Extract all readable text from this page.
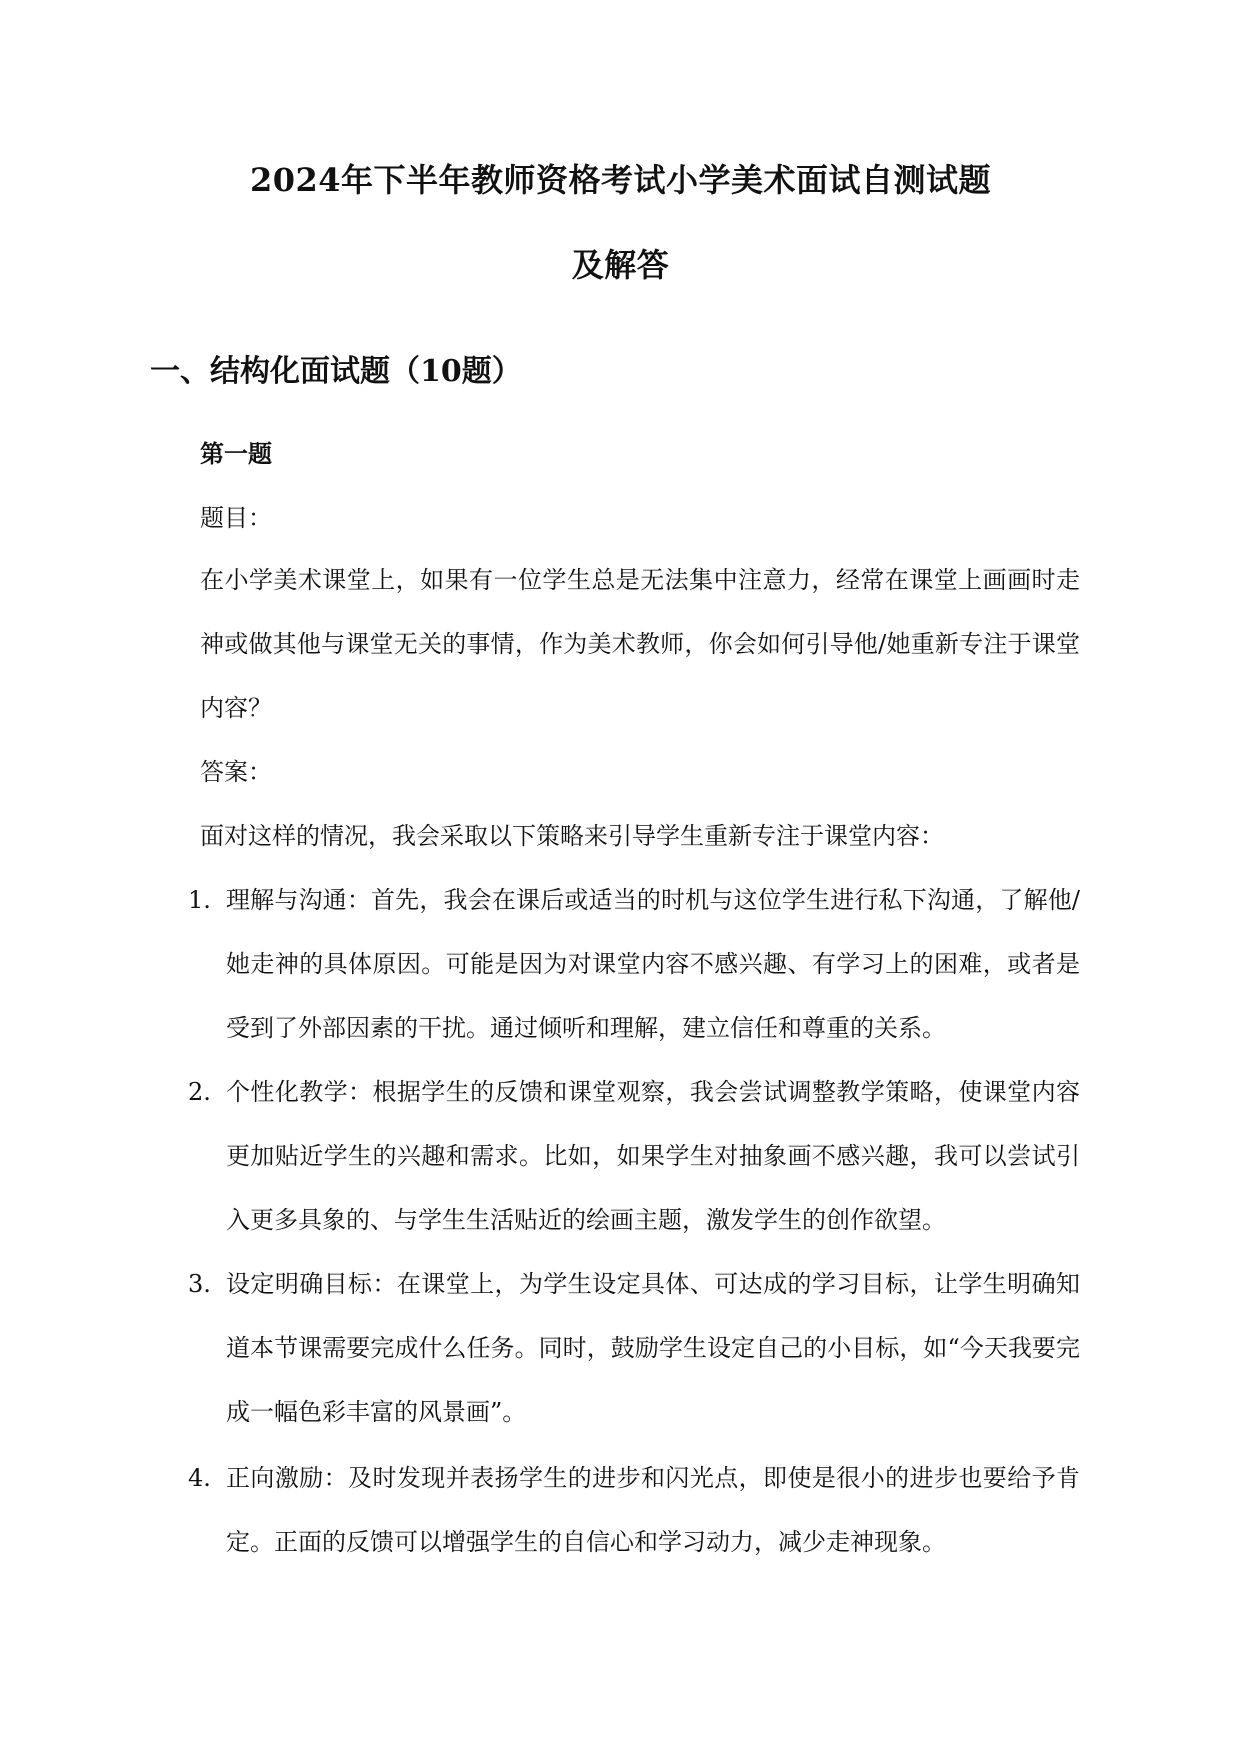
2024年下半年教师资格考试小学美术面试自测试题
及解答
一、结构化面试题（10题）
第一题
题目：
在小学美术课堂上，如果有一位学生总是无法集中注意力，经常在课堂上画画时走神或做其他与课堂无关的事情，作为美术教师，你会如何引导他/她重新专注于课堂内容？
答案：
面对这样的情况，我会采取以下策略来引导学生重新专注于课堂内容：
1. 理解与沟通：首先，我会在课后或适当的时机与这位学生进行私下沟通，了解他/她走神的具体原因。可能是因为对课堂内容不感兴趣、有学习上的困难，或者是受到了外部因素的干扰。通过倾听和理解，建立信任和尊重的关系。
2. 个性化教学：根据学生的反馈和课堂观察，我会尝试调整教学策略，使课堂内容更加贴近学生的兴趣和需求。比如，如果学生对抽象画不感兴趣，我可以尝试引入更多具象的、与学生生活贴近的绘画主题，激发学生的创作欲望。
3. 设定明确目标：在课堂上，为学生设定具体、可达成的学习目标，让学生明确知道本节课需要完成什么任务。同时，鼓励学生设定自己的小目标，如“今天我要完成一幅色彩丰富的风景画”。
4. 正向激励：及时发现并表扬学生的进步和闪光点，即使是很小的进步也要给予肯定。正面的反馈可以增强学生的自信心和学习动力，减少走神现象。
